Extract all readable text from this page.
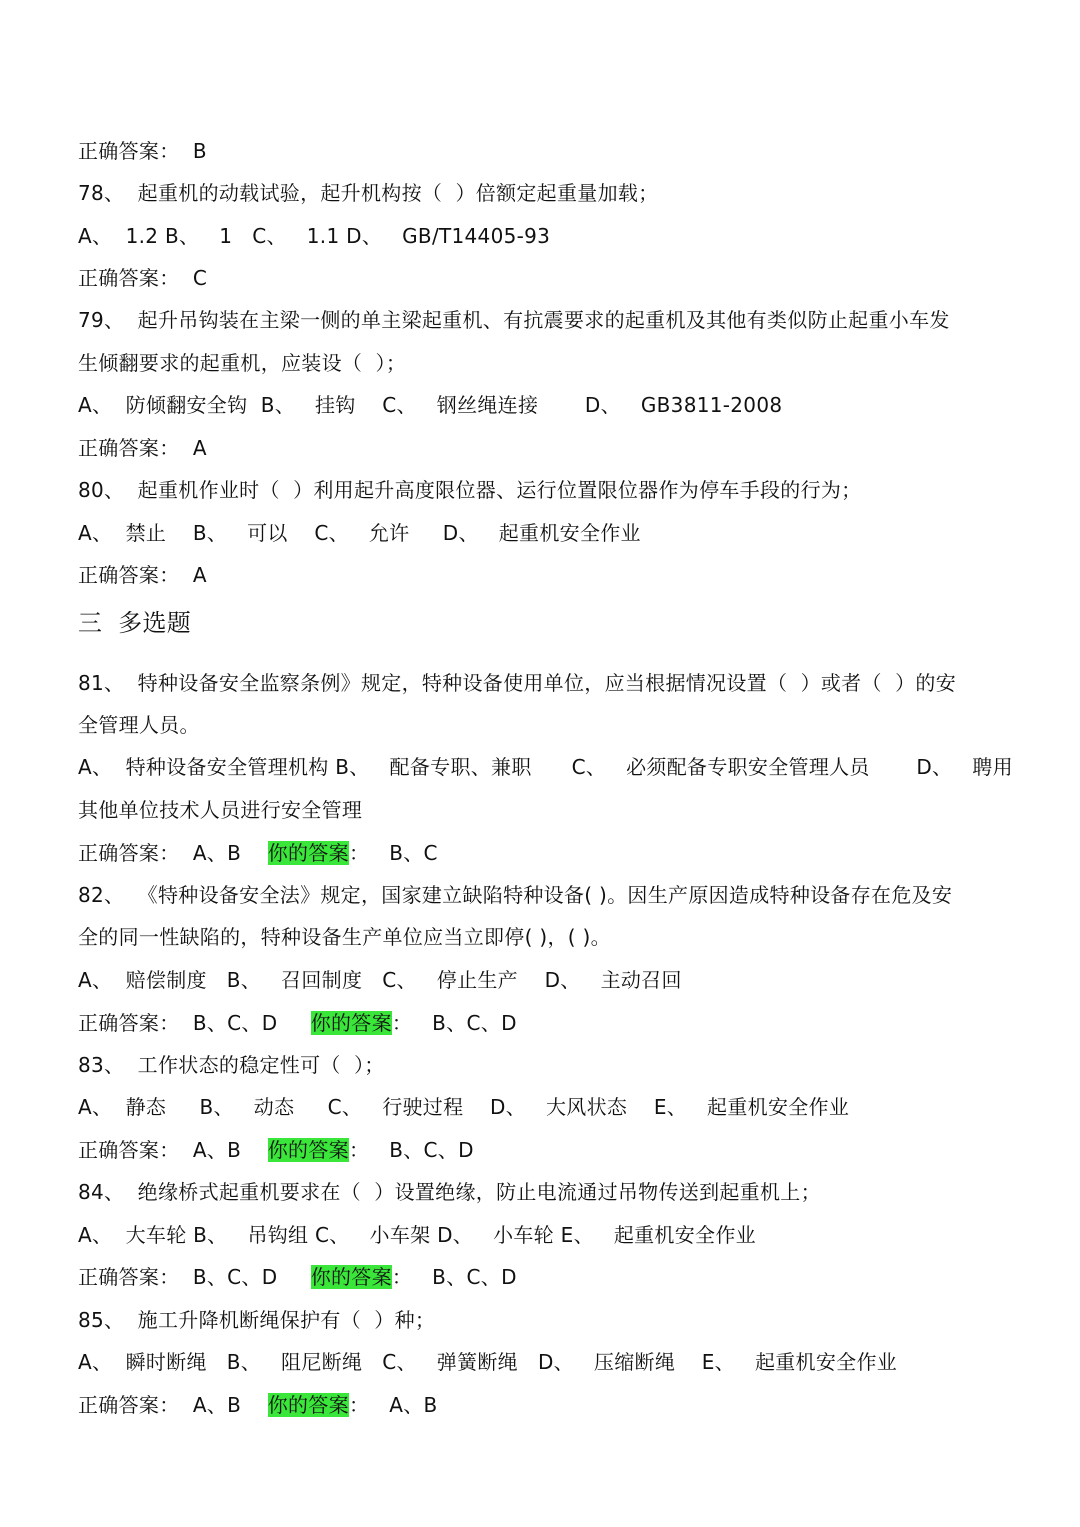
正确答案：  B
78、  起重机的动载试验，起升机构按（  ）倍额定起重量加载；
A、  1.2 B、   1   C、   1.1 D、   GB/T14405-93
正确答案：  C
79、  起升吊钩装在主梁一侧的单主梁起重机、有抗震要求的起重机及其他有类似防止起重小车发
生倾翻要求的起重机，应装设（  ）；
A、  防倾翻安全钩  B、   挂钩    C、   钢丝绳连接       D、   GB3811-2008
正确答案：  A
80、  起重机作业时（  ）利用起升高度限位器、运行位置限位器作为停车手段的行为；
A、  禁止    B、   可以    C、   允许     D、   起重机安全作业
正确答案：  A
三  多选题
81、  特种设备安全监察条例》规定，特种设备使用单位，应当根据情况设置（  ）或者（  ）的安
全管理人员。
A、  特种设备安全管理机构 B、   配备专职、兼职      C、   必须配备专职安全管理人员       D、   聘用
其他单位技术人员进行安全管理
正确答案：  A、B    你的答案：   B、C
82、  《特种设备安全法》规定，国家建立缺陷特种设备( )。因生产原因造成特种设备存在危及安
全的同一性缺陷的，特种设备生产单位应当立即停( )，( )。
A、  赔偿制度   B、   召回制度   C、   停止生产    D、   主动召回
正确答案：  B、C、D     你的答案：   B、C、D
83、  工作状态的稳定性可（  ）；
A、  静态     B、   动态     C、   行驶过程    D、   大风状态    E、   起重机安全作业
正确答案：  A、B    你的答案：   B、C、D
84、  绝缘桥式起重机要求在（  ）设置绝缘，防止电流通过吊物传送到起重机上；
A、  大车轮 B、   吊钩组 C、   小车架 D、   小车轮 E、   起重机安全作业
正确答案：  B、C、D     你的答案：   B、C、D
85、  施工升降机断绳保护有（  ）种；
A、  瞬时断绳   B、   阻尼断绳   C、   弹簧断绳   D、   压缩断绳    E、   起重机安全作业
正确答案：  A、B    你的答案：   A、B
